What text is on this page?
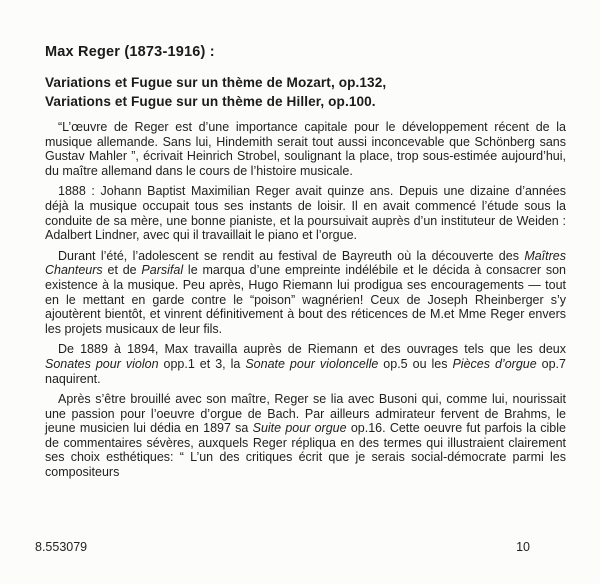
Max Reger (1873-1916) :
Variations et Fugue sur un thème de Mozart, op.132,
Variations et Fugue sur un thème de Hiller, op.100.

“L’œuvre de Reger est d’une importance capitale pour le développement récent de la musique allemande. Sans lui, Hindemith serait tout aussi inconcevable que Schönberg sans Gustav Mahler ”, écrivait Heinrich Strobel, soulignant la place, trop sous-estimée aujourd’hui, du maître allemand dans le cours de l’histoire musicale.

1888 : Johann Baptist Maximilian Reger avait quinze ans. Depuis une dizaine d’années déjà la musique occupait tous ses instants de loisir. Il en avait commencé l’étude sous la conduite de sa mère, une bonne pianiste, et la poursuivait auprès d’un instituteur de Weiden : Adalbert Lindner, avec qui il travaillait le piano et l’orgue.

Durant l’été, l’adolescent se rendit au festival de Bayreuth où la découverte des Maîtres Chanteurs et de Parsifal le marqua d’une empreinte indélébile et le décida à consacrer son existence à la musique. Peu après, Hugo Riemann lui prodigua ses encouragements — tout en le mettant en garde contre le “poison” wagnérien! Ceux de Joseph Rheinberger s’y ajoutèrent bientôt, et vinrent définitivement à bout des réticences de M.et Mme Reger envers les projets musicaux de leur fils.

De 1889 à 1894, Max travailla auprès de Riemann et des ouvrages tels que les deux Sonates pour violon opp.1 et 3, la Sonate pour violoncelle op.5 ou les Pièces d’orgue op.7 naquirent.

Après s’être brouillé avec son maître, Reger se lia avec Busoni qui, comme lui, nourissait une passion pour l’oeuvre d’orgue de Bach. Par ailleurs admirateur fervent de Brahms, le jeune musicien lui dédia en 1897 sa Suite pour orgue op.16. Cette oeuvre fut parfois la cible de commentaires sévères, auxquels Reger répliqua en des termes qui illustraient clairement ses choix esthétiques: “ L’un des critiques écrit que je serais social-démocrate parmi les compositeurs

8.553079	10
